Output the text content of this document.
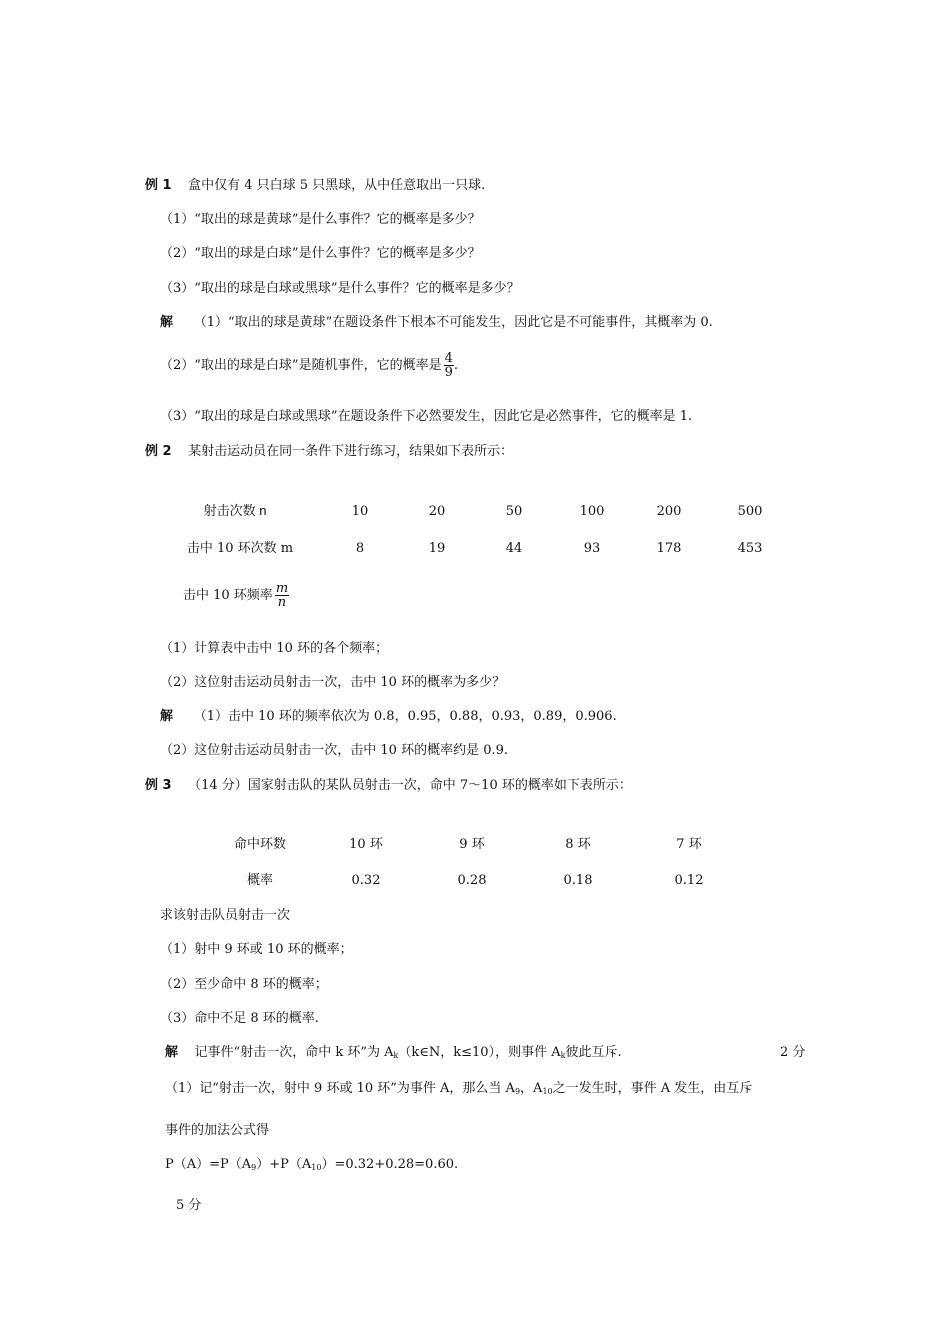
例 1 盒中仅有 4 只白球 5 只黑球，从中任意取出一只球.
（1）“取出的球是黄球”是什么事件？它的概率是多少？
（2）“取出的球是白球”是什么事件？它的概率是多少？
（3）“取出的球是白球或黑球”是什么事件？它的概率是多少？
解 （1）“取出的球是黄球”在题设条件下根本不可能发生，因此它是不可能事件，其概率为 0.
（2）“取出的球是白球”是随机事件，它的概率是 $\frac{4}{9}$ .
（3）“取出的球是白球或黑球”在题设条件下必然要发生，因此它是必然事件，它的概率是 1.
例 2 某射击运动员在同一条件下进行练习，结果如下表所示：
射击次数 n	10	20	50	100	200	500
击中 10 环次数 m	8	19	44	93	178	453
击中 10 环频率 $\frac{m}{n}$
（1）计算表中击中 10 环的各个频率；
（2）这位射击运动员射击一次，击中 10 环的概率为多少？
解 （1）击中 10 环的频率依次为 0.8，0.95，0.88，0.93，0.89，0.906.
（2）这位射击运动员射击一次，击中 10 环的概率约是 0.9.
例 3 （14 分）国家射击队的某队员射击一次，命中 7～10 环的概率如下表所示：
命中环数	10 环	9 环	8 环	7 环
概率	0.32	0.28	0.18	0.12
求该射击队员射击一次
（1）射中 9 环或 10 环的概率；
（2）至少命中 8 环的概率；
（3）命中不足 8 环的概率.
解 记事件“射击一次，命中 k 环”为 $A_k(k\in N$，k≤10），则事件 $A_k$彼此互斥.	2 分
（1）记“射击一次，射中 9 环或 10 环”为事件 A，那么当 $A_9$，$A_{10}$之一发生时，事件 A 发生，由互斥
事件的加法公式得
$P(A)=P(A_9)+P(A_{10})=0.32+0.28=0.60$.
5 分
